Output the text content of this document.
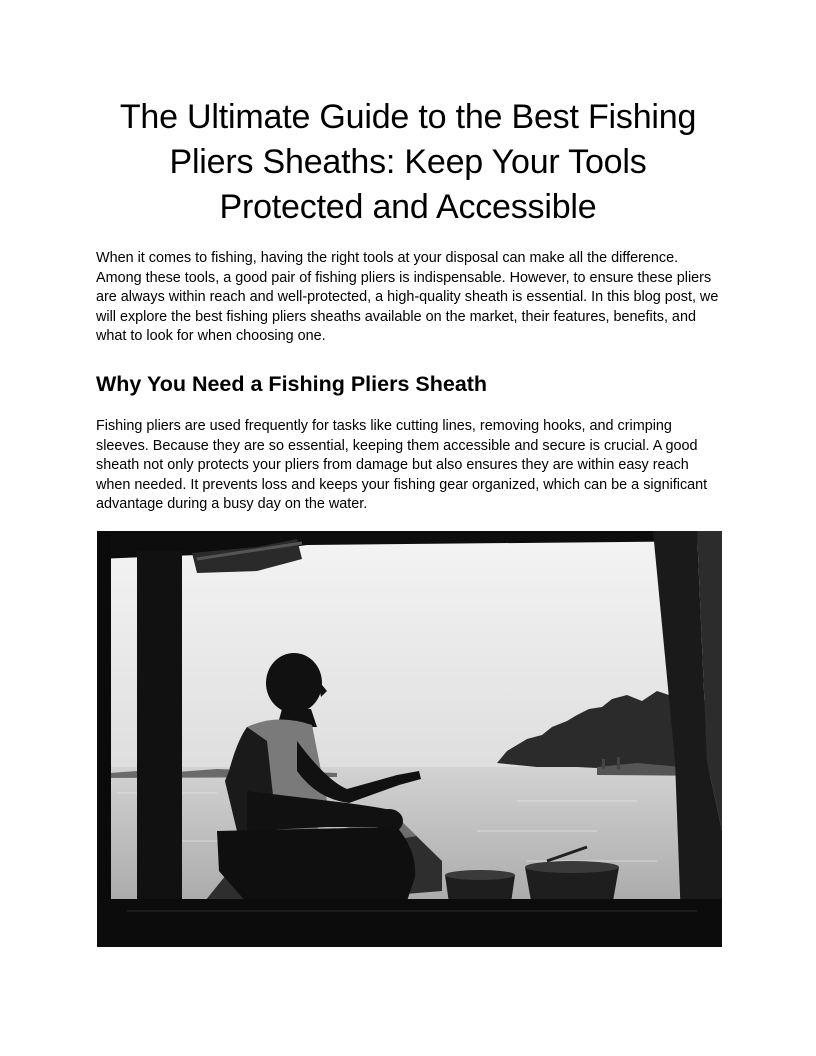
The Ultimate Guide to the Best Fishing Pliers Sheaths: Keep Your Tools Protected and Accessible

When it comes to fishing, having the right tools at your disposal can make all the difference. Among these tools, a good pair of fishing pliers is indispensable. However, to ensure these pliers are always within reach and well-protected, a high-quality sheath is essential. In this blog post, we will explore the best fishing pliers sheaths available on the market, their features, benefits, and what to look for when choosing one.

Why You Need a Fishing Pliers Sheath

Fishing pliers are used frequently for tasks like cutting lines, removing hooks, and crimping sleeves. Because they are so essential, keeping them accessible and secure is crucial. A good sheath not only protects your pliers from damage but also ensures they are within easy reach when needed. It prevents loss and keeps your fishing gear organized, which can be a significant advantage during a busy day on the water.
